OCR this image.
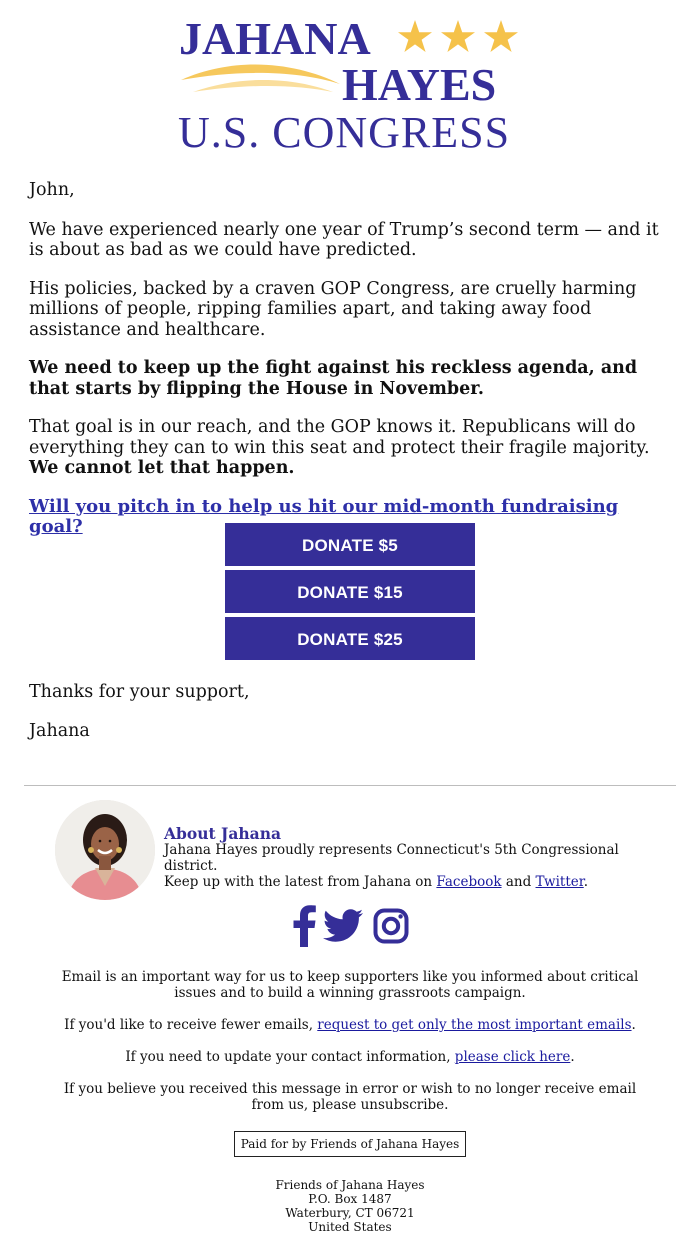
JAHANA
HAYES
U.S. CONGRESS

John,

We have experienced nearly one year of Trump’s second term — and it is about as bad as we could have predicted.

His policies, backed by a craven GOP Congress, are cruelly harming millions of people, ripping families apart, and taking away food assistance and healthcare.

We need to keep up the fight against his reckless agenda, and that starts by flipping the House in November.

That goal is in our reach, and the GOP knows it. Republicans will do everything they can to win this seat and protect their fragile majority. We cannot let that happen.

Will you pitch in to help us hit our mid-month fundraising goal?

DONATE $5
DONATE $15
DONATE $25

Thanks for your support,

Jahana

About Jahana

Jahana Hayes proudly represents Connecticut's 5th Congressional district.

Keep up with the latest from Jahana on Facebook and Twitter.

Email is an important way for us to keep supporters like you informed about critical issues and to build a winning grassroots campaign.

If you'd like to receive fewer emails, request to get only the most important emails.

If you need to update your contact information, please click here.

If you believe you received this message in error or wish to no longer receive email from us, please unsubscribe.

Paid for by Friends of Jahana Hayes
Friends of Jahana Hayes
P.O. Box 1487
Waterbury, CT 06721
United States
